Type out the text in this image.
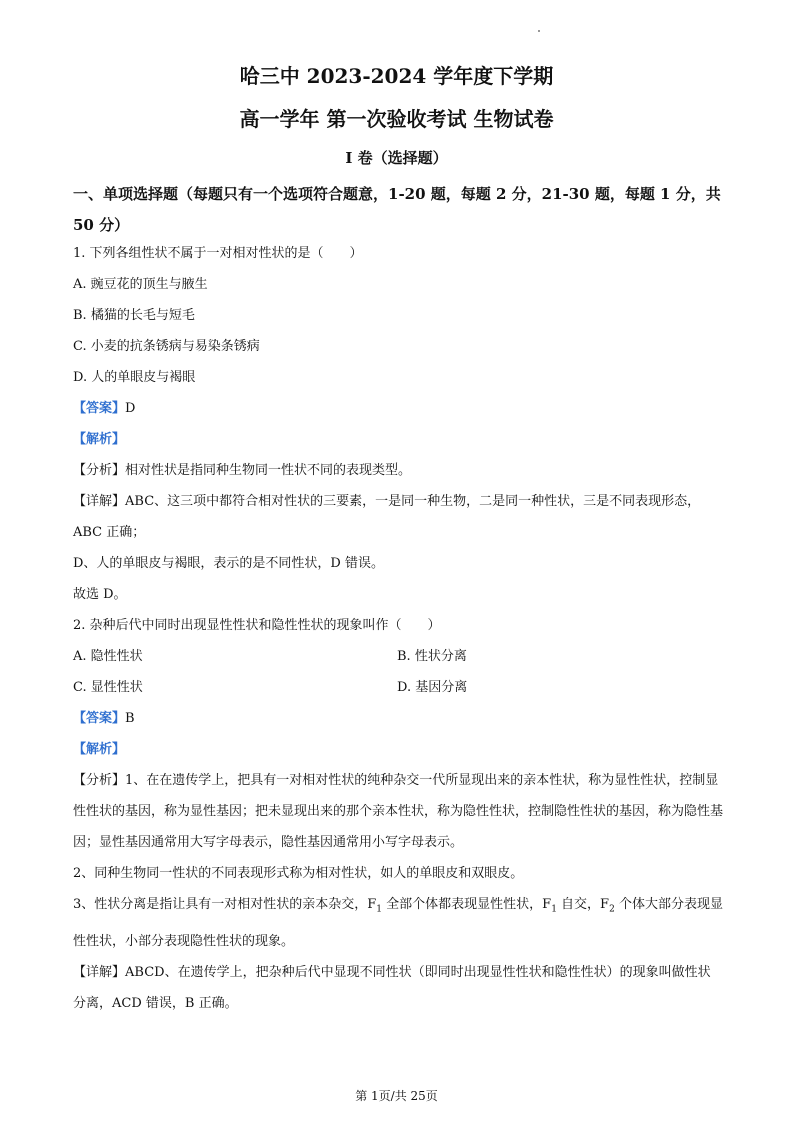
哈三中 2023-2024 学年度下学期
高一学年 第一次验收考试 生物试卷
I 卷（选择题）
一、单项选择题（每题只有一个选项符合题意，1-20 题，每题 2 分，21-30 题，每题 1 分，共 50 分）
1. 下列各组性状不属于一对相对性状的是（　　）
A. 豌豆花的顶生与腋生
B. 橘猫的长毛与短毛
C. 小麦的抗条锈病与易染条锈病
D. 人的单眼皮与褐眼
【答案】D
【解析】
【分析】相对性状是指同种生物同一性状不同的表现类型。
【详解】ABC、这三项中都符合相对性状的三要素，一是同一种生物，二是同一种性状，三是不同表现形态，ABC 正确；
D、人的单眼皮与褐眼，表示的是不同性状，D 错误。
故选 D。
2. 杂种后代中同时出现显性性状和隐性性状的现象叫作（　　）
A. 隐性性状	B. 性状分离
C. 显性性状	D. 基因分离
【答案】B
【解析】
【分析】1、在在遗传学上，把具有一对相对性状的纯种杂交一代所显现出来的亲本性状，称为显性性状，控制显性性状的基因，称为显性基因；把未显现出来的那个亲本性状，称为隐性性状，控制隐性性状的基因，称为隐性基因；显性基因通常用大写字母表示，隐性基因通常用小写字母表示。
2、同种生物同一性状的不同表现形式称为相对性状，如人的单眼皮和双眼皮。
3、性状分离是指让具有一对相对性状的亲本杂交，$F_1$ 全部个体都表现显性性状，$F_1$ 自交，$F_2$ 个体大部分表现显性性状，小部分表现隐性性状的现象。
【详解】ABCD、在遗传学上，把杂种后代中显现不同性状（即同时出现显性性状和隐性性状）的现象叫做性状分离，ACD 错误，B 正确。
第 1页/共 25页
